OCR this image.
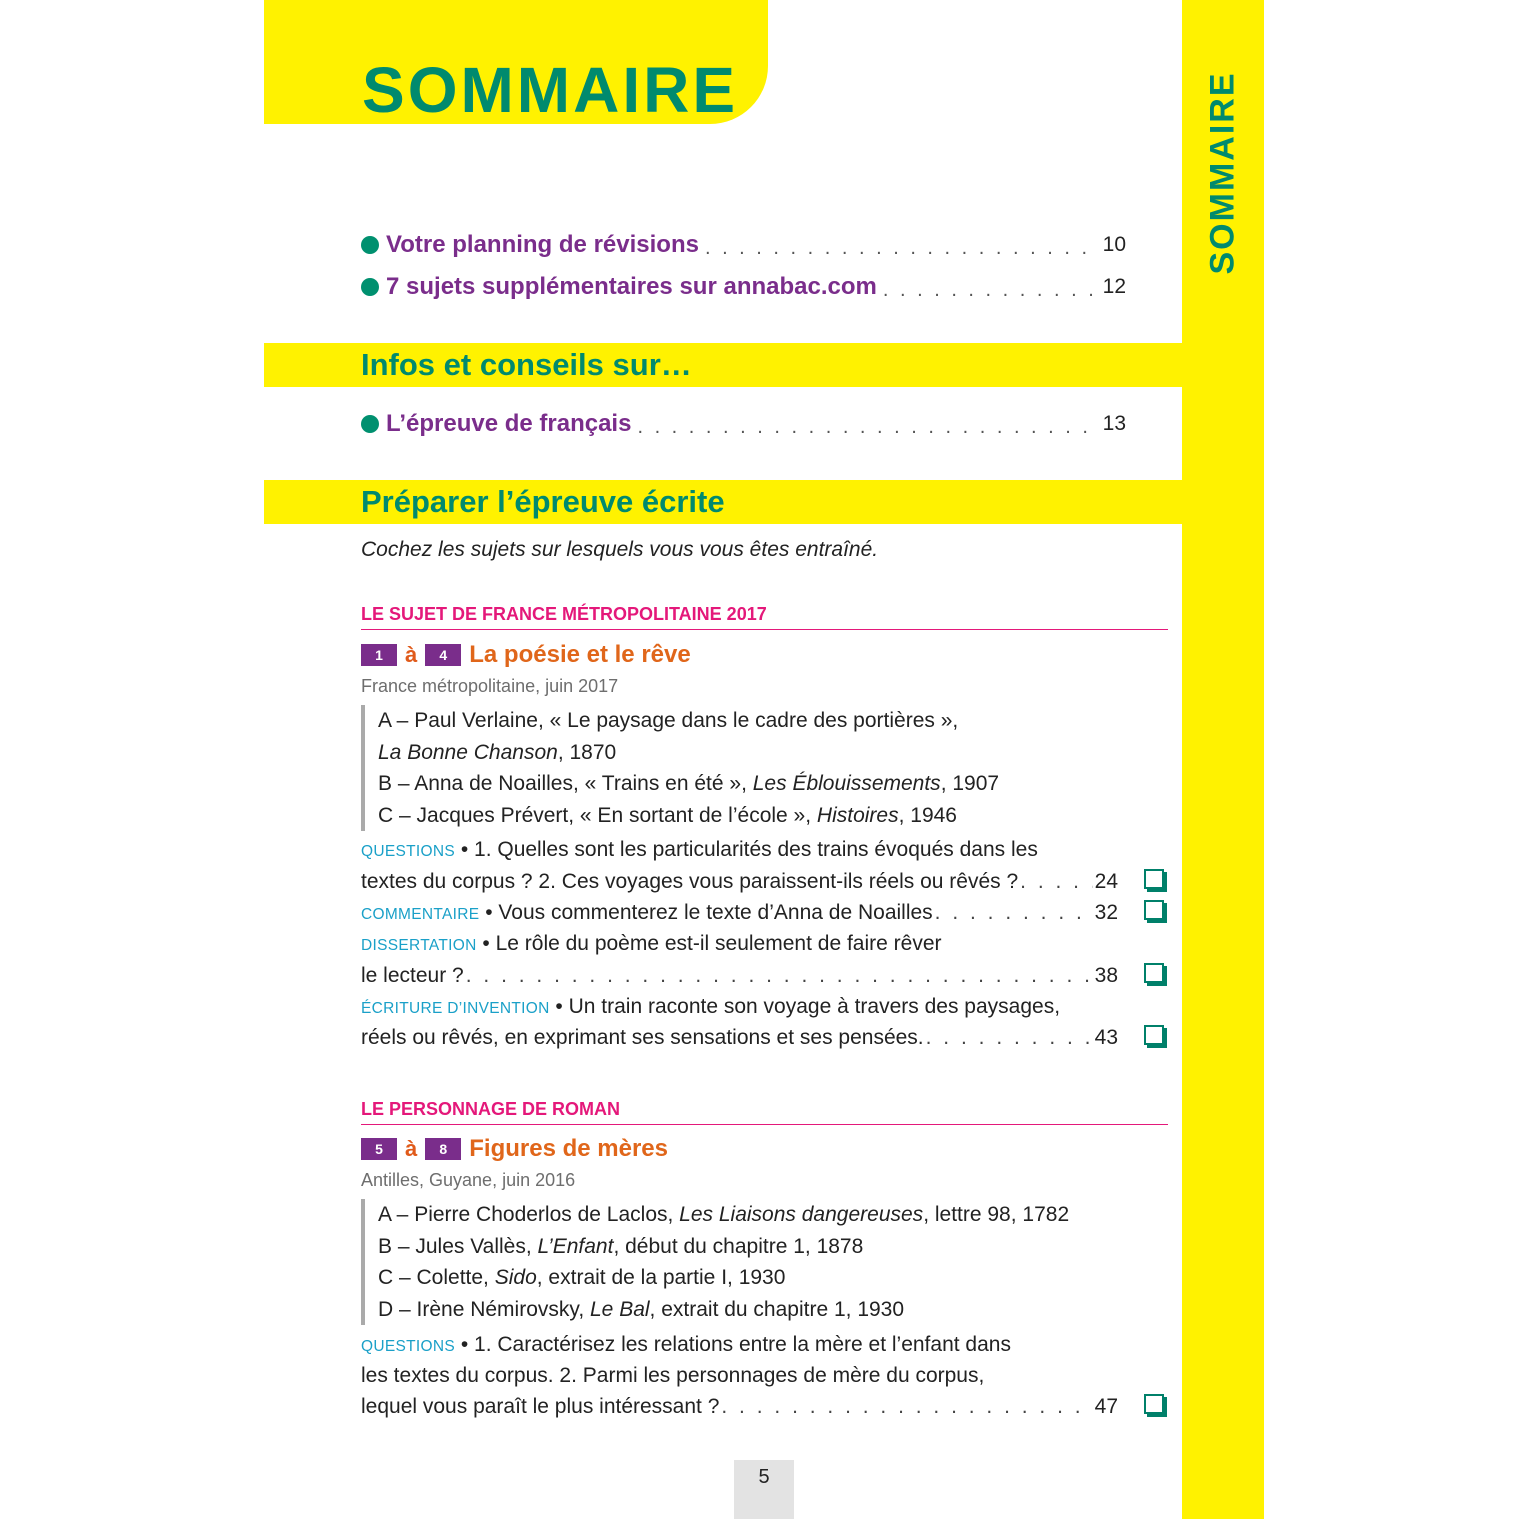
SOMMAIRE
SOMMAIRE
Votre planning de révisions . . .	10
7 sujets supplémentaires sur annabac.com . . .	12
Infos et conseils sur…
L’épreuve de français . . .	13
Préparer l’épreuve écrite

Cochez les sujets sur lesquels vous vous êtes entraîné.

LE SUJET DE FRANCE MÉTROPOLITAINE 2017
1	à	4 La poésie et le rêve
France métropolitaine, juin 2017
A – Paul Verlaine, « Le paysage dans le cadre des portières »,
La Bonne Chanson, 1870
B – Anna de Noailles, « Trains en été », Les Éblouissements, 1907
C – Jacques Prévert, « En sortant de l’école », Histoires, 1946
QUESTIONS • 1. Quelles sont les particularités des trains évoqués dans les
textes du corpus ? 2. Ces voyages vous paraissent-ils réels ou rêvés ? . . .	24
COMMENTAIRE • Vous commenterez le texte d’Anna de Noailles . . .	32
DISSERTATION • Le rôle du poème est-il seulement de faire rêver
le lecteur ? . . .	38
ÉCRITURE D’INVENTION • Un train raconte son voyage à travers des paysages,
réels ou rêvés, en exprimant ses sensations et ses pensées. . . .	43
LE PERSONNAGE DE ROMAN
5	à	8 Figures de mères
Antilles, Guyane, juin 2016
A – Pierre Choderlos de Laclos, Les Liaisons dangereuses, lettre 98, 1782
B – Jules Vallès, L’Enfant, début du chapitre 1, 1878
C – Colette, Sido, extrait de la partie I, 1930
D – Irène Némirovsky, Le Bal, extrait du chapitre 1, 1930
QUESTIONS • 1. Caractérisez les relations entre la mère et l’enfant dans
les textes du corpus. 2. Parmi les personnages de mère du corpus,
lequel vous paraît le plus intéressant ? . . .	47
5
